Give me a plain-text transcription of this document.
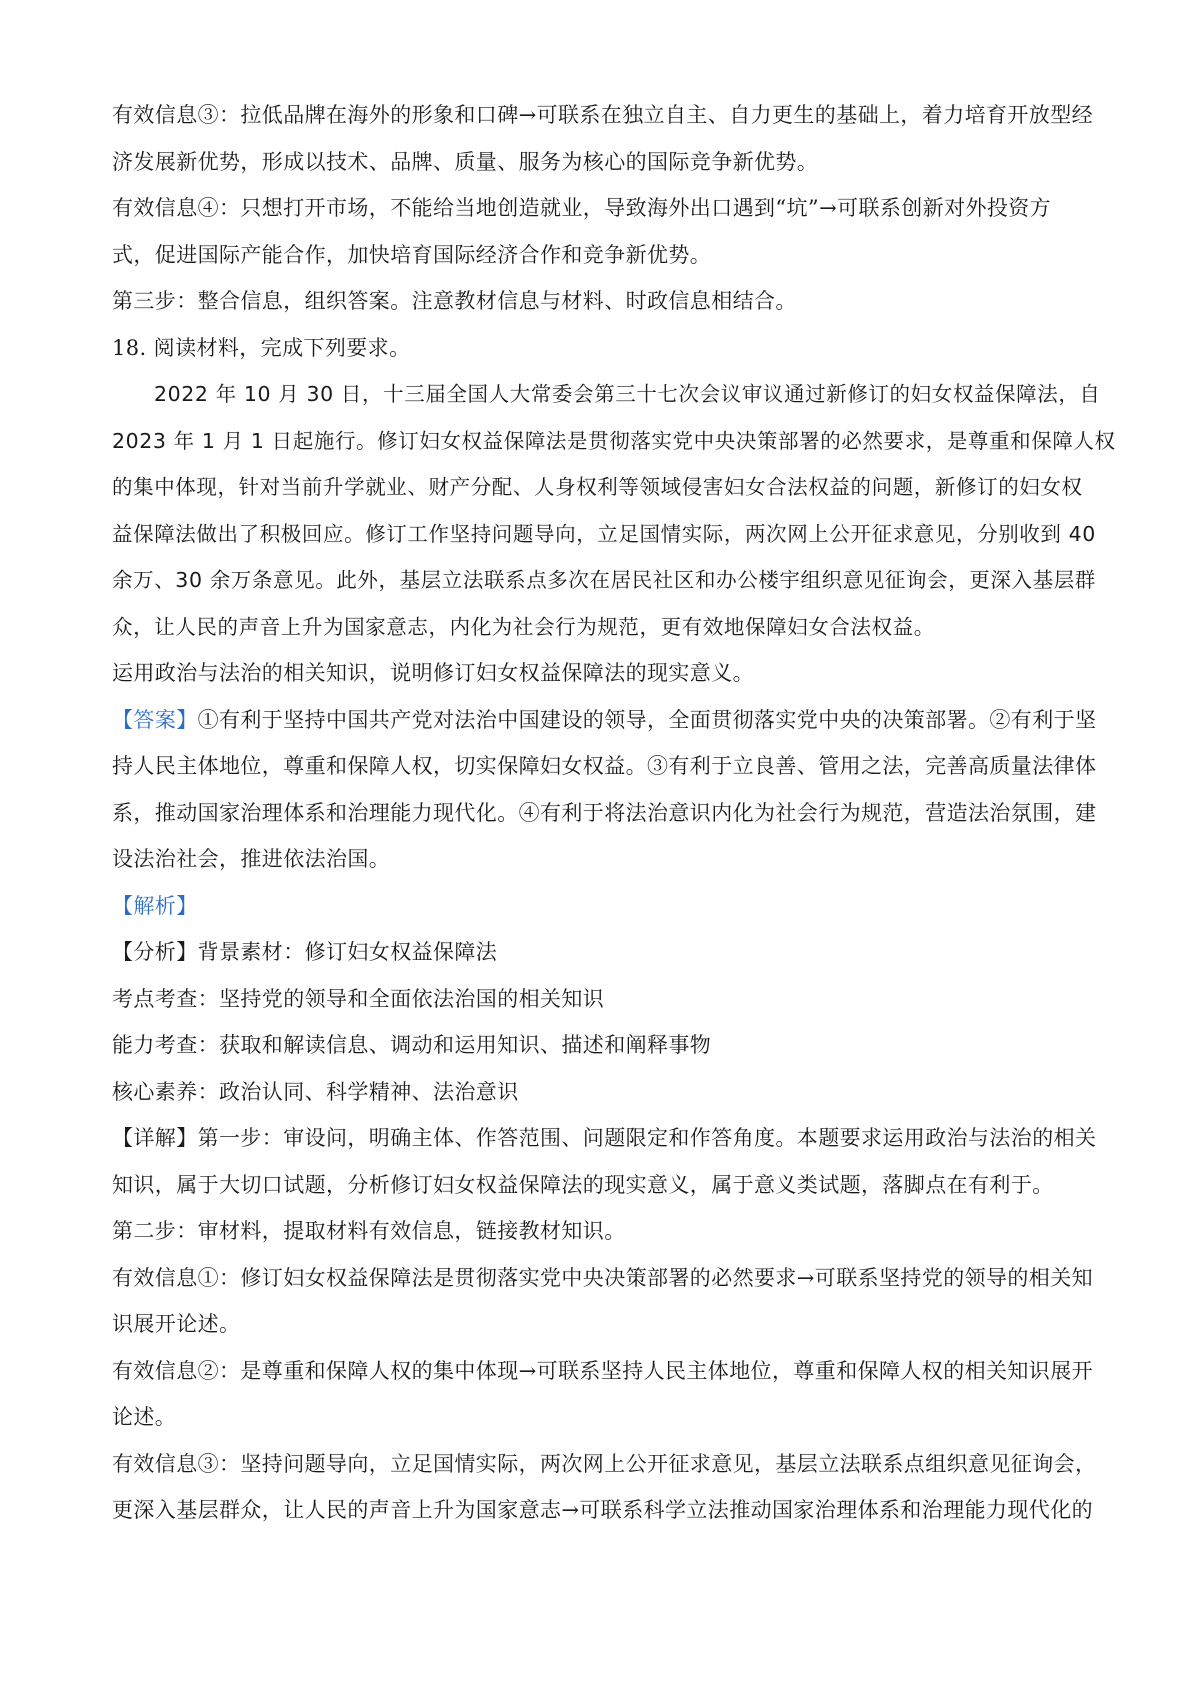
有效信息③：拉低品牌在海外的形象和口碑→可联系在独立自主、自力更生的基础上，着力培育开放型经
济发展新优势，形成以技术、品牌、质量、服务为核心的国际竞争新优势。
有效信息④：只想打开市场，不能给当地创造就业，导致海外出口遇到“坑”→可联系创新对外投资方
式，促进国际产能合作，加快培育国际经济合作和竞争新优势。
第三步：整合信息，组织答案。注意教材信息与材料、时政信息相结合。
18. 阅读材料，完成下列要求。
2022 年 10 月 30 日，十三届全国人大常委会第三十七次会议审议通过新修订的妇女权益保障法，自
2023 年 1 月 1 日起施行。修订妇女权益保障法是贯彻落实党中央决策部署的必然要求，是尊重和保障人权
的集中体现，针对当前升学就业、财产分配、人身权利等领域侵害妇女合法权益的问题，新修订的妇女权
益保障法做出了积极回应。修订工作坚持问题导向，立足国情实际，两次网上公开征求意见，分别收到 40
余万、30 余万条意见。此外，基层立法联系点多次在居民社区和办公楼宇组织意见征询会，更深入基层群
众，让人民的声音上升为国家意志，内化为社会行为规范，更有效地保障妇女合法权益。
运用政治与法治的相关知识，说明修订妇女权益保障法的现实意义。
【答案】①有利于坚持中国共产党对法治中国建设的领导，全面贯彻落实党中央的决策部署。②有利于坚
持人民主体地位，尊重和保障人权，切实保障妇女权益。③有利于立良善、管用之法，完善高质量法律体
系，推动国家治理体系和治理能力现代化。④有利于将法治意识内化为社会行为规范，营造法治氛围，建
设法治社会，推进依法治国。
【解析】
【分析】背景素材：修订妇女权益保障法
考点考查：坚持党的领导和全面依法治国的相关知识
能力考查：获取和解读信息、调动和运用知识、描述和阐释事物
核心素养：政治认同、科学精神、法治意识
【详解】第一步：审设问，明确主体、作答范围、问题限定和作答角度。本题要求运用政治与法治的相关
知识，属于大切口试题，分析修订妇女权益保障法的现实意义，属于意义类试题，落脚点在有利于。
第二步：审材料，提取材料有效信息，链接教材知识。
有效信息①：修订妇女权益保障法是贯彻落实党中央决策部署的必然要求→可联系坚持党的领导的相关知
识展开论述。
有效信息②：是尊重和保障人权的集中体现→可联系坚持人民主体地位，尊重和保障人权的相关知识展开
论述。
有效信息③：坚持问题导向，立足国情实际，两次网上公开征求意见，基层立法联系点组织意见征询会，
更深入基层群众，让人民的声音上升为国家意志→可联系科学立法推动国家治理体系和治理能力现代化的
